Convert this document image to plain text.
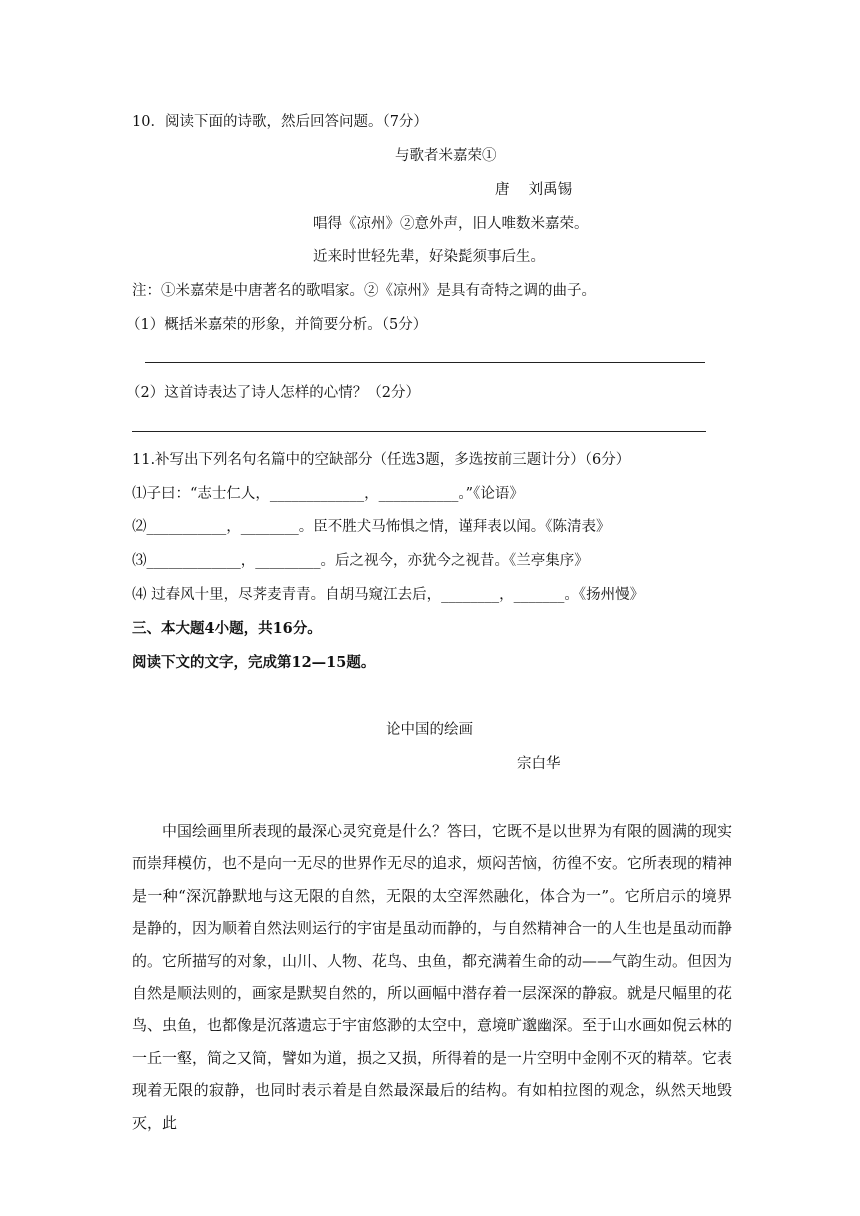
10．阅读下面的诗歌，然后回答问题。（7分）
与歌者米嘉荣①
唐　 刘禹锡
唱得《凉州》②意外声，旧人唯数米嘉荣。
近来时世轻先辈，好染髭须事后生。
注：①米嘉荣是中唐著名的歌唱家。②《凉州》是具有奇特之调的曲子。
（1）概括米嘉荣的形象，并简要分析。（5分）
（2）这首诗表达了诗人怎样的心情？（2分）
11.补写出下列名句名篇中的空缺部分（任选3题，多选按前三题计分）（6分）
⑴子曰：“志士仁人，_____________，___________。”《论语》
⑵___________，________。臣不胜犬马怖惧之情，谨拜表以闻。《陈清表》
⑶_____________，_________。后之视今，亦犹今之视昔。《兰亭集序》
⑷ 过春风十里，尽荠麦青青。自胡马窥江去后，________，_______。《扬州慢》
三、本大题4小题，共16分。
阅读下文的文字，完成第12—15题。
论中国的绘画
宗白华
中国绘画里所表现的最深心灵究竟是什么？答曰，它既不是以世界为有限的圆满的现实而崇拜模仿，也不是向一无尽的世界作无尽的追求，烦闷苦恼，彷徨不安。它所表现的精神是一种“深沉静默地与这无限的自然，无限的太空浑然融化，体合为一”。它所启示的境界是静的，因为顺着自然法则运行的宇宙是虽动而静的，与自然精神合一的人生也是虽动而静的。它所描写的对象，山川、人物、花鸟、虫鱼，都充满着生命的动——气韵生动。但因为自然是顺法则的，画家是默契自然的，所以画幅中潜存着一层深深的静寂。就是尺幅里的花鸟、虫鱼，也都像是沉落遗忘于宇宙悠渺的太空中，意境旷邈幽深。至于山水画如倪云林的一丘一壑，简之又简，譬如为道，损之又损，所得着的是一片空明中金刚不灭的精萃。它表现着无限的寂静，也同时表示着是自然最深最后的结构。有如柏拉图的观念，纵然天地毁灭，此
